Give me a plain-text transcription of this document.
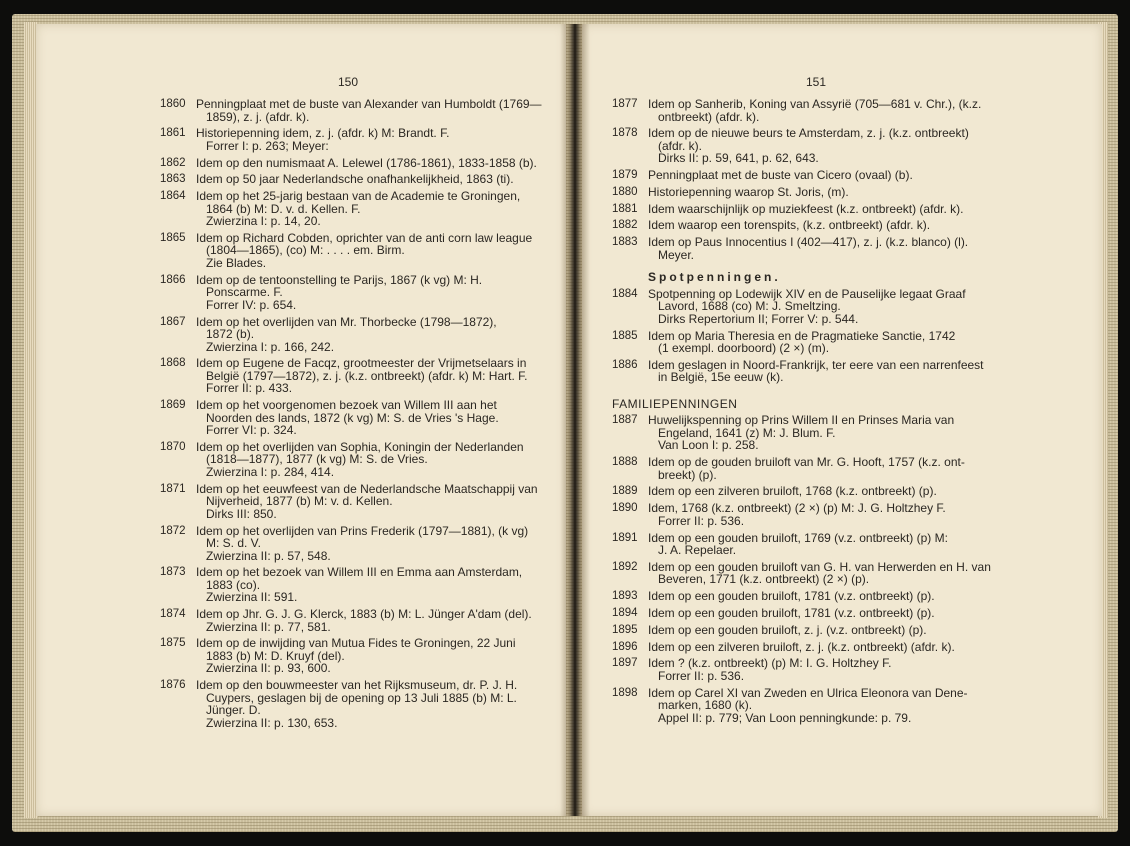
150
1860 Penningplaat met de buste van Alexander van Humboldt (1769—
1859), z. j. (afdr. k).
1861 Historiepenning idem, z. j. (afdr. k) M: Brandt. F.
Forrer I: p. 263; Meyer:
1862 Idem op den numismaat A. Lelewel (1786-1861), 1833-1858 (b).
1863 Idem op 50 jaar Nederlandsche onafhankelijkheid, 1863 (ti).
1864 Idem op het 25-jarig bestaan van de Academie te Groningen,
1864 (b) M: D. v. d. Kellen. F.
Zwierzina I: p. 14, 20.
1865 Idem op Richard Cobden, oprichter van de anti corn law league
(1804—1865), (co) M: . . . . em. Birm.
Zie Blades.
1866 Idem op de tentoonstelling te Parijs, 1867 (k vg) M: H.
Ponscarme. F.
Forrer IV: p. 654.
1867 Idem op het overlijden van Mr. Thorbecke (1798—1872),
1872 (b).
Zwierzina I: p. 166, 242.
1868 Idem op Eugene de Facqz, grootmeester der Vrijmetselaars in
België (1797—1872), z. j. (k.z. ontbreekt) (afdr. k) M: Hart. F.
Forrer II: p. 433.
1869 Idem op het voorgenomen bezoek van Willem III aan het
Noorden des lands, 1872 (k vg) M: S. de Vries 's Hage.
Forrer VI: p. 324.
1870 Idem op het overlijden van Sophia, Koningin der Nederlanden
(1818—1877), 1877 (k vg) M: S. de Vries.
Zwierzina I: p. 284, 414.
1871 Idem op het eeuwfeest van de Nederlandsche Maatschappij van
Nijverheid, 1877 (b) M: v. d. Kellen.
Dirks III: 850.
1872 Idem op het overlijden van Prins Frederik (1797—1881), (k vg)
M: S. d. V.
Zwierzina II: p. 57, 548.
1873 Idem op het bezoek van Willem III en Emma aan Amsterdam,
1883 (co).
Zwierzina II: 591.
1874 Idem op Jhr. G. J. G. Klerck, 1883 (b) M: L. Jünger A'dam (del).
Zwierzina II: p. 77, 581.
1875 Idem op de inwijding van Mutua Fides te Groningen, 22 Juni
1883 (b) M: D. Kruyf (del).
Zwierzina II: p. 93, 600.
1876 Idem op den bouwmeester van het Rijksmuseum, dr. P. J. H.
Cuypers, geslagen bij de opening op 13 Juli 1885 (b) M: L.
Jünger. D.
Zwierzina II: p. 130, 653.
151
1877 Idem op Sanherib, Koning van Assyrië (705—681 v. Chr.), (k.z.
ontbreekt) (afdr. k).
1878 Idem op de nieuwe beurs te Amsterdam, z. j. (k.z. ontbreekt)
(afdr. k).
Dirks II: p. 59, 641, p. 62, 643.
1879 Penningplaat met de buste van Cicero (ovaal) (b).
1880 Historiepenning waarop St. Joris, (m).
1881 Idem waarschijnlijk op muziekfeest (k.z. ontbreekt) (afdr. k).
1882 Idem waarop een torenspits, (k.z. ontbreekt) (afdr. k).
1883 Idem op Paus Innocentius I (402—417), z. j. (k.z. blanco) (l).
Meyer.
Spotpenningen.
1884 Spotpenning op Lodewijk XIV en de Pauselijke legaat Graaf
Lavord, 1688 (co) M: J. Smeltzing.
Dirks Repertorium II; Forrer V: p. 544.
1885 Idem op Maria Theresia en de Pragmatieke Sanctie, 1742
(1 exempl. doorboord) (2 ×) (m).
1886 Idem geslagen in Noord-Frankrijk, ter eere van een narrenfeest
in België, 15e eeuw (k).
FAMILIEPENNINGEN
1887 Huwelijkspenning op Prins Willem II en Prinses Maria van
Engeland, 1641 (z) M: J. Blum. F.
Van Loon I: p. 258.
1888 Idem op de gouden bruiloft van Mr. G. Hooft, 1757 (k.z. ont-
breekt) (p).
1889 Idem op een zilveren bruiloft, 1768 (k.z. ontbreekt) (p).
1890 Idem, 1768 (k.z. ontbreekt) (2 ×) (p) M: J. G. Holtzhey F.
Forrer II: p. 536.
1891 Idem op een gouden bruiloft, 1769 (v.z. ontbreekt) (p) M:
J. A. Repelaer.
1892 Idem op een gouden bruiloft van G. H. van Herwerden en H. van
Beveren, 1771 (k.z. ontbreekt) (2 ×) (p).
1893 Idem op een gouden bruiloft, 1781 (v.z. ontbreekt) (p).
1894 Idem op een gouden bruiloft, 1781 (v.z. ontbreekt) (p).
1895 Idem op een gouden bruiloft, z. j. (v.z. ontbreekt) (p).
1896 Idem op een zilveren bruiloft, z. j. (k.z. ontbreekt) (afdr. k).
1897 Idem ? (k.z. ontbreekt) (p) M: I. G. Holtzhey F.
Forrer II: p. 536.
1898 Idem op Carel XI van Zweden en Ulrica Eleonora van Dene-
marken, 1680 (k).
Appel II: p. 779; Van Loon penningkunde: p. 79.
